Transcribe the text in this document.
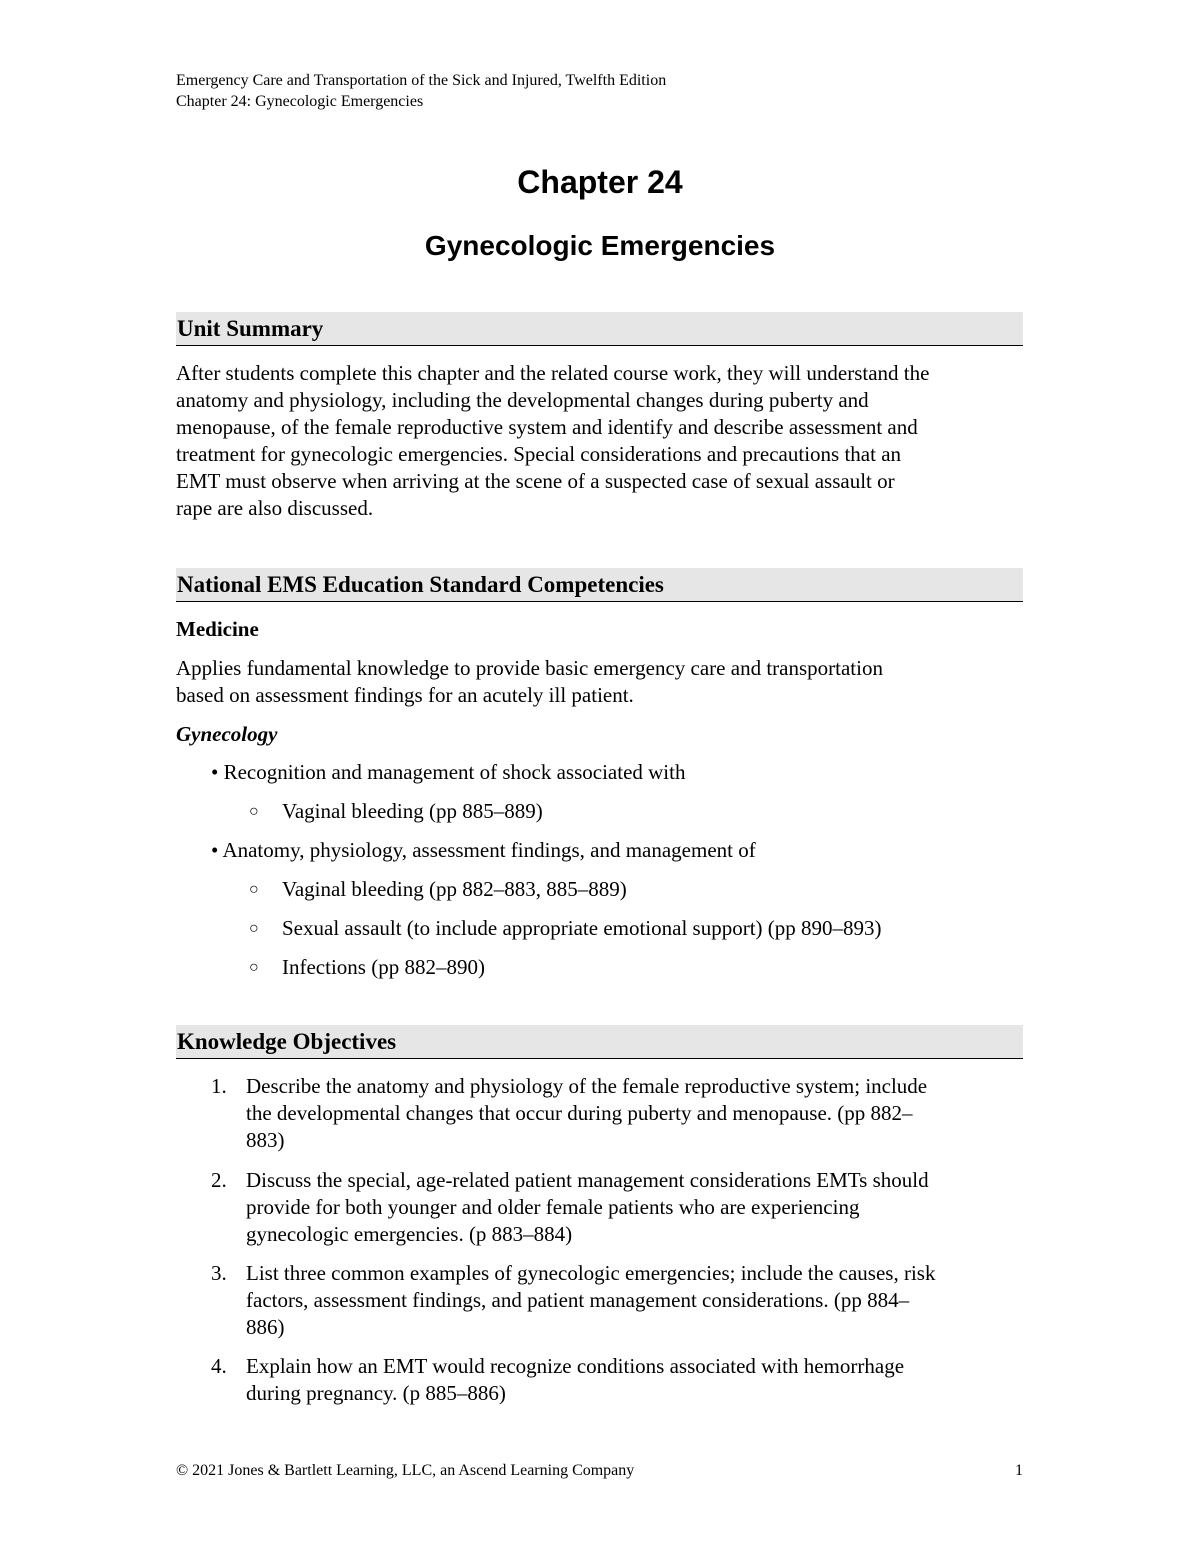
Emergency Care and Transportation of the Sick and Injured, Twelfth Edition
Chapter 24: Gynecologic Emergencies
Chapter 24
Gynecologic Emergencies
Unit Summary
After students complete this chapter and the related course work, they will understand the
anatomy and physiology, including the developmental changes during puberty and
menopause, of the female reproductive system and identify and describe assessment and
treatment for gynecologic emergencies. Special considerations and precautions that an
EMT must observe when arriving at the scene of a suspected case of sexual assault or
rape are also discussed.
National EMS Education Standard Competencies
Medicine
Applies fundamental knowledge to provide basic emergency care and transportation
based on assessment findings for an acutely ill patient.
Gynecology
• Recognition and management of shock associated with
○ Vaginal bleeding (pp 885–889)
• Anatomy, physiology, assessment findings, and management of
○ Vaginal bleeding (pp 882–883, 885–889)
○ Sexual assault (to include appropriate emotional support) (pp 890–893)
○ Infections (pp 882–890)
Knowledge Objectives
1. Describe the anatomy and physiology of the female reproductive system; include
the developmental changes that occur during puberty and menopause. (pp 882–
883)
2. Discuss the special, age-related patient management considerations EMTs should
provide for both younger and older female patients who are experiencing
gynecologic emergencies. (p 883–884)
3. List three common examples of gynecologic emergencies; include the causes, risk
factors, assessment findings, and patient management considerations. (pp 884–
886)
4. Explain how an EMT would recognize conditions associated with hemorrhage
during pregnancy. (p 885–886)
© 2021 Jones & Bartlett Learning, LLC, an Ascend Learning Company	1
